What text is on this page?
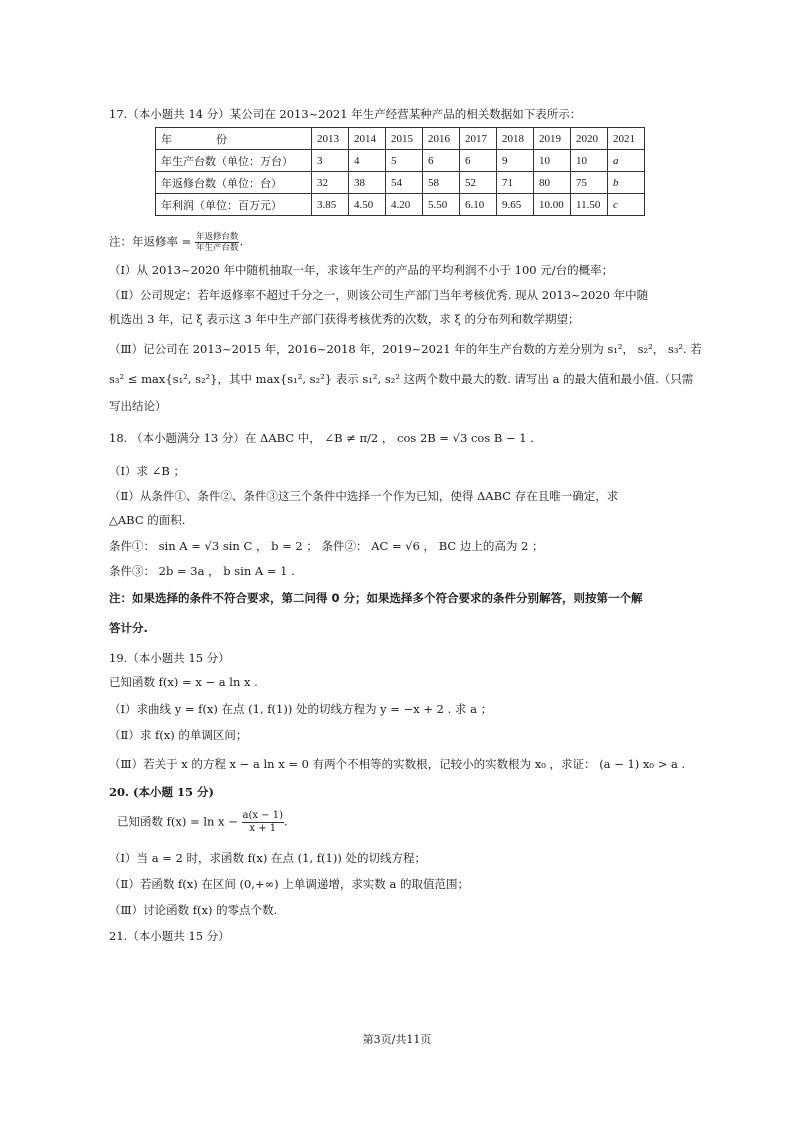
17.（本小题共 14 分）某公司在 2013~2021 年生产经营某种产品的相关数据如下表所示：
年　　　　份	2013	2014	2015	2016	2017	2018	2019	2020	2021
年生产台数（单位：万台）	3	4	5	6	6	9	10	10	a
年返修台数（单位：台）	32	38	54	58	52	71	80	75	b
年利润（单位：百万元）	3.85	4.50	4.20	5.50	6.10	9.65	10.00	11.50	c
注：年返修率 = $\frac{\text{年返修台数}}{\text{年生产台数}}$ .
（Ⅰ）从 2013~2020 年中随机抽取一年，求该年生产的产品的平均利润不小于 100 元/台的概率；
（Ⅱ）公司规定：若年返修率不超过千分之一，则该公司生产部门当年考核优秀. 现从 2013~2020 年中随
机选出 3 年，记 ξ 表示这 3 年中生产部门获得考核优秀的次数，求 ξ 的分布列和数学期望；
（Ⅲ）记公司在 2013~2015 年，2016~2018 年，2019~2021 年的年生产台数的方差分别为 s₁²， s₂²， s₃². 若
s₃² ≤ max{s₁², s₂²}，其中 max{s₁², s₂²} 表示 s₁², s₂² 这两个数中最大的数. 请写出 a 的最大值和最小值.（只需
写出结论）
18. （本小题满分 13 分）在 ΔABC 中， ∠B ≠ π/2 ， cos 2B = √3 cos B − 1 .
（Ⅰ）求 ∠B ；
（Ⅱ）从条件①、条件②、条件③这三个条件中选择一个作为已知，使得 ΔABC 存在且唯一确定，求
△ABC 的面积.
条件①： sin A = √3 sin C ， b = 2 ； 条件②： AC = √6 ， BC 边上的高为 2 ；
条件③： 2b = 3a ， b sin A = 1 .
注：如果选择的条件不符合要求，第二问得 0 分；如果选择多个符合要求的条件分别解答，则按第一个解
答计分.
19.（本小题共 15 分）
已知函数 f(x) = x − a ln x .
（Ⅰ）求曲线 y = f(x) 在点 (1, f(1)) 处的切线方程为 y = −x + 2 . 求 a ；
（Ⅱ）求 f(x) 的单调区间；
（Ⅲ）若关于 x 的方程 x − a ln x = 0 有两个不相等的实数根，记较小的实数根为 x₀ ，求证： (a − 1) x₀ > a .
20. (本小题 15 分)
已知函数 $f(x) = \ln x - \frac{a(x - 1)}{x + 1}$ .
（Ⅰ）当 a = 2 时，求函数 f(x) 在点 (1, f(1)) 处的切线方程；
（Ⅱ）若函数 f(x) 在区间 (0,+∞) 上单调递增，求实数 a 的取值范围；
（Ⅲ）讨论函数 f(x) 的零点个数.
21.（本小题共 15 分）
第3页/共11页
